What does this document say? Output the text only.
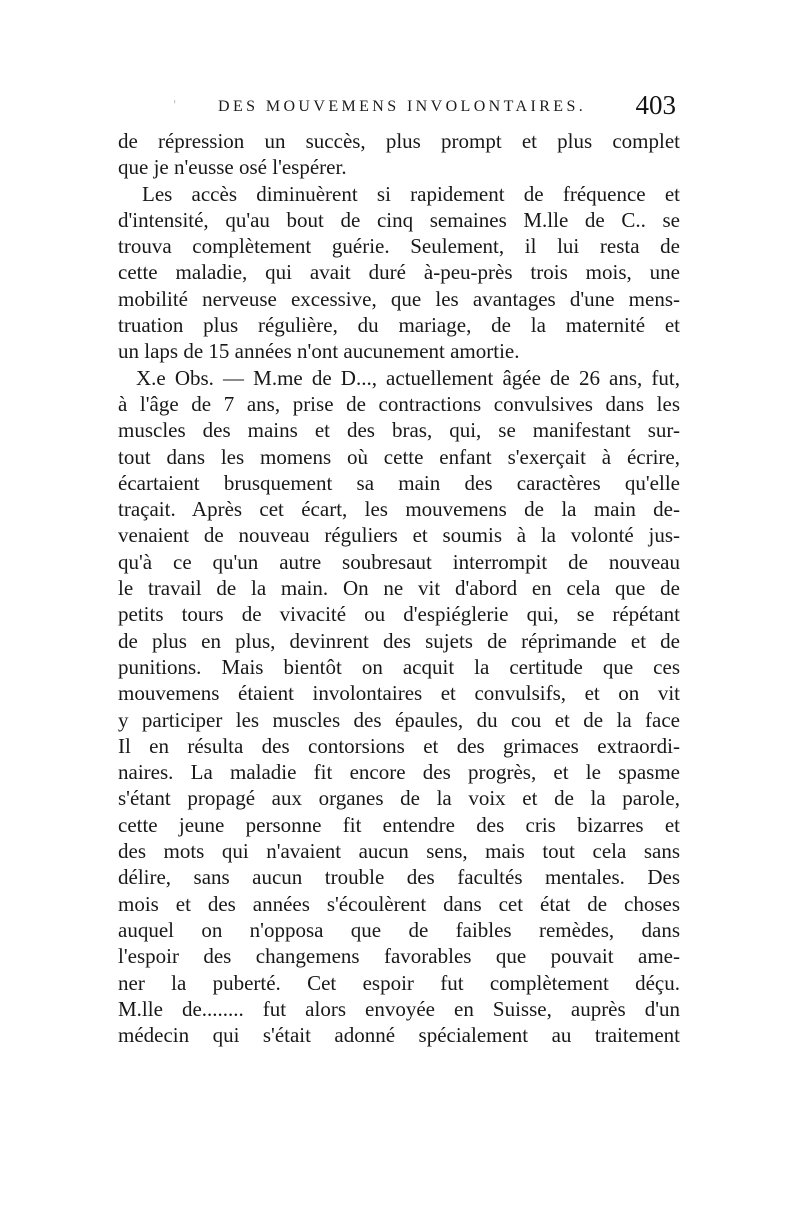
'	DES MOUVEMENS INVOLONTAIRES. 403
de répression un succès, plus prompt et plus complet
que je n'eusse osé l'espérer.
Les accès diminuèrent si rapidement de fréquence et
d'intensité, qu'au bout de cinq semaines M.lle de C.. se
trouva complètement guérie. Seulement, il lui resta de
cette maladie, qui avait duré à-peu-près trois mois, une
mobilité nerveuse excessive, que les avantages d'une mens-
truation plus régulière, du mariage, de la maternité et
un laps de 15 années n'ont aucunement amortie.
X.e Obs. — M.me de D..., actuellement âgée de 26 ans, fut,
à l'âge de 7 ans, prise de contractions convulsives dans les
muscles des mains et des bras, qui, se manifestant sur-
tout dans les momens où cette enfant s'exerçait à écrire,
écartaient brusquement sa main des caractères qu'elle
traçait. Après cet écart, les mouvemens de la main de-
venaient de nouveau réguliers et soumis à la volonté jus-
qu'à ce qu'un autre soubresaut interrompit de nouveau
le travail de la main. On ne vit d'abord en cela que de
petits tours de vivacité ou d'espiéglerie qui, se répétant
de plus en plus, devinrent des sujets de réprimande et de
punitions. Mais bientôt on acquit la certitude que ces
mouvemens étaient involontaires et convulsifs, et on vit
y participer les muscles des épaules, du cou et de la face
Il en résulta des contorsions et des grimaces extraordi-
naires. La maladie fit encore des progrès, et le spasme
s'étant propagé aux organes de la voix et de la parole,
cette jeune personne fit entendre des cris bizarres et
des mots qui n'avaient aucun sens, mais tout cela sans
délire, sans aucun trouble des facultés mentales. Des
mois et des années s'écoulèrent dans cet état de choses
auquel on n'opposa que de faibles remèdes, dans
l'espoir des changemens favorables que pouvait ame-
ner la puberté. Cet espoir fut complètement déçu.
M.lle de........ fut alors envoyée en Suisse, auprès d'un
médecin qui s'était adonné spécialement au traitement
